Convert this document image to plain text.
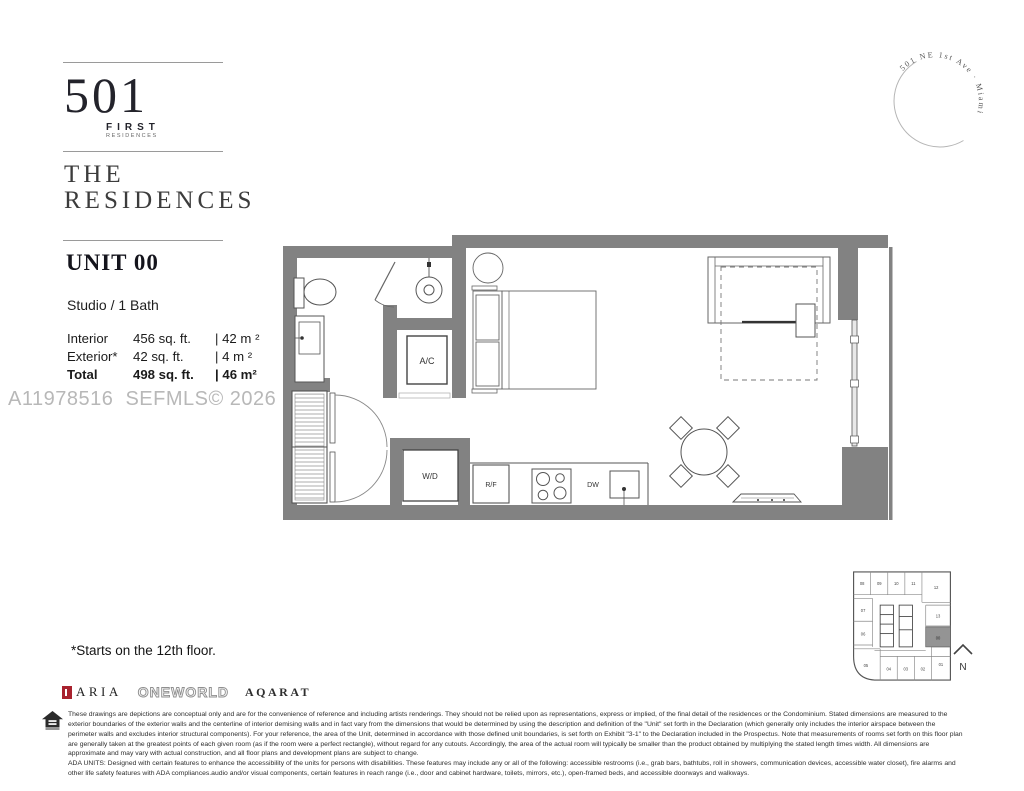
501
FIRST
RESIDENCES
THE
RESIDENCES
501 NE 1st Ave · Miami
UNIT 00
Studio / 1 Bath
Interior	456 sq. ft.	| 42 m ²
Exterior*	42 sq. ft.	| 4 m ²
Total	498 sq. ft.	| 46 m²
A11978516  SEFMLS© 2026
A/C
W/D
R/F	DW
*Starts on the 12th floor.
08	09	10	11
12
07
06
05
04	03	02
01
13
00
N
ARIA ONEWORLD AQARAT
These drawings are depictions are conceptual only and are for the convenience of reference and including artists renderings. They should not be relied upon as representations, express or implied, of the final detail of the residences or the Condominium. Stated dimensions are measured to the exterior boundaries of the exterior walls and the centerline of interior demising walls and in fact vary from the dimensions that would be determined by using the description and definition of the "Unit" set forth in the Declaration (which generally only includes the interior airspace between the perimeter walls and excludes interior structural components). For your reference, the area of the Unit, determined in accordance with those defined unit boundaries, is set forth on Exhibit "3-1" to the Declaration included in the Prospectus. Note that measurements of rooms set forth on this floor plan are generally taken at the greatest points of each given room (as if the room were a perfect rectangle), without regard for any cutouts. Accordingly, the area of the actual room will typically be smaller than the product obtained by multiplying the stated length times width. All dimensions are approximate and may vary with actual construction, and all floor plans and development plans are subject to change.
ADA UNITS: Designed with certain features to enhance the accessibility of the units for persons with disabilities. These features may include any or all of the following: accessible restrooms (i.e., grab bars, bathtubs, roll in showers, communication devices, accessible water closet), fire alarms and other life safety features with ADA compliances.audio and/or visual components, certain features in reach range (i.e., door and cabinet hardware, toilets, mirrors, etc.), open-framed beds, and accessible doorways and walkways.
